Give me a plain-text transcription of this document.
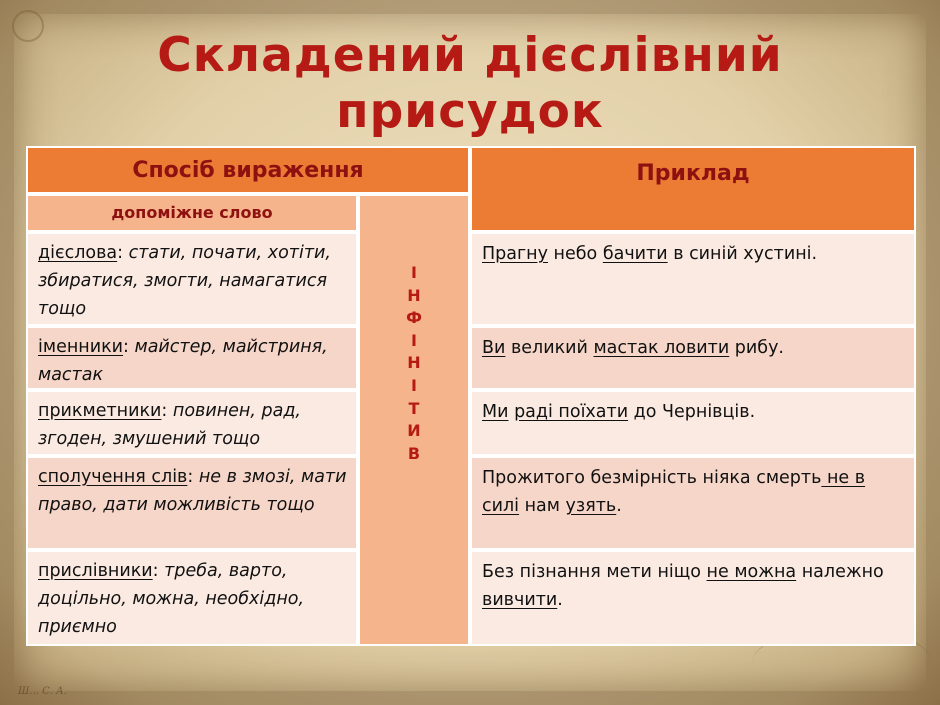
Складений дієслівний
присудок
Спосіб вираження	Приклад
допоміжне слово
І
Н
Ф
І
Н
І
Т
И
В
дієслова: стати, почати, хотіти, збиратися, змогти, намагатися тощо
іменники: майстер, майстриня, мастак
прикметники: повинен, рад, згоден, змушений тощо
сполучення слів: не в змозі, мати право, дати можливість тощо
прислівники: треба, варто, доцільно, можна, необхідно, приємно
Прагну небо бачити в синій хустині.
Ви великий мастак ловити рибу.
Ми раді поїхати до Чернівців.
Прожитого безмірність ніяка смерть не в силі нам узять.
Без пізнання мети ніщо не можна належно вивчити.
Ш... С. А.
